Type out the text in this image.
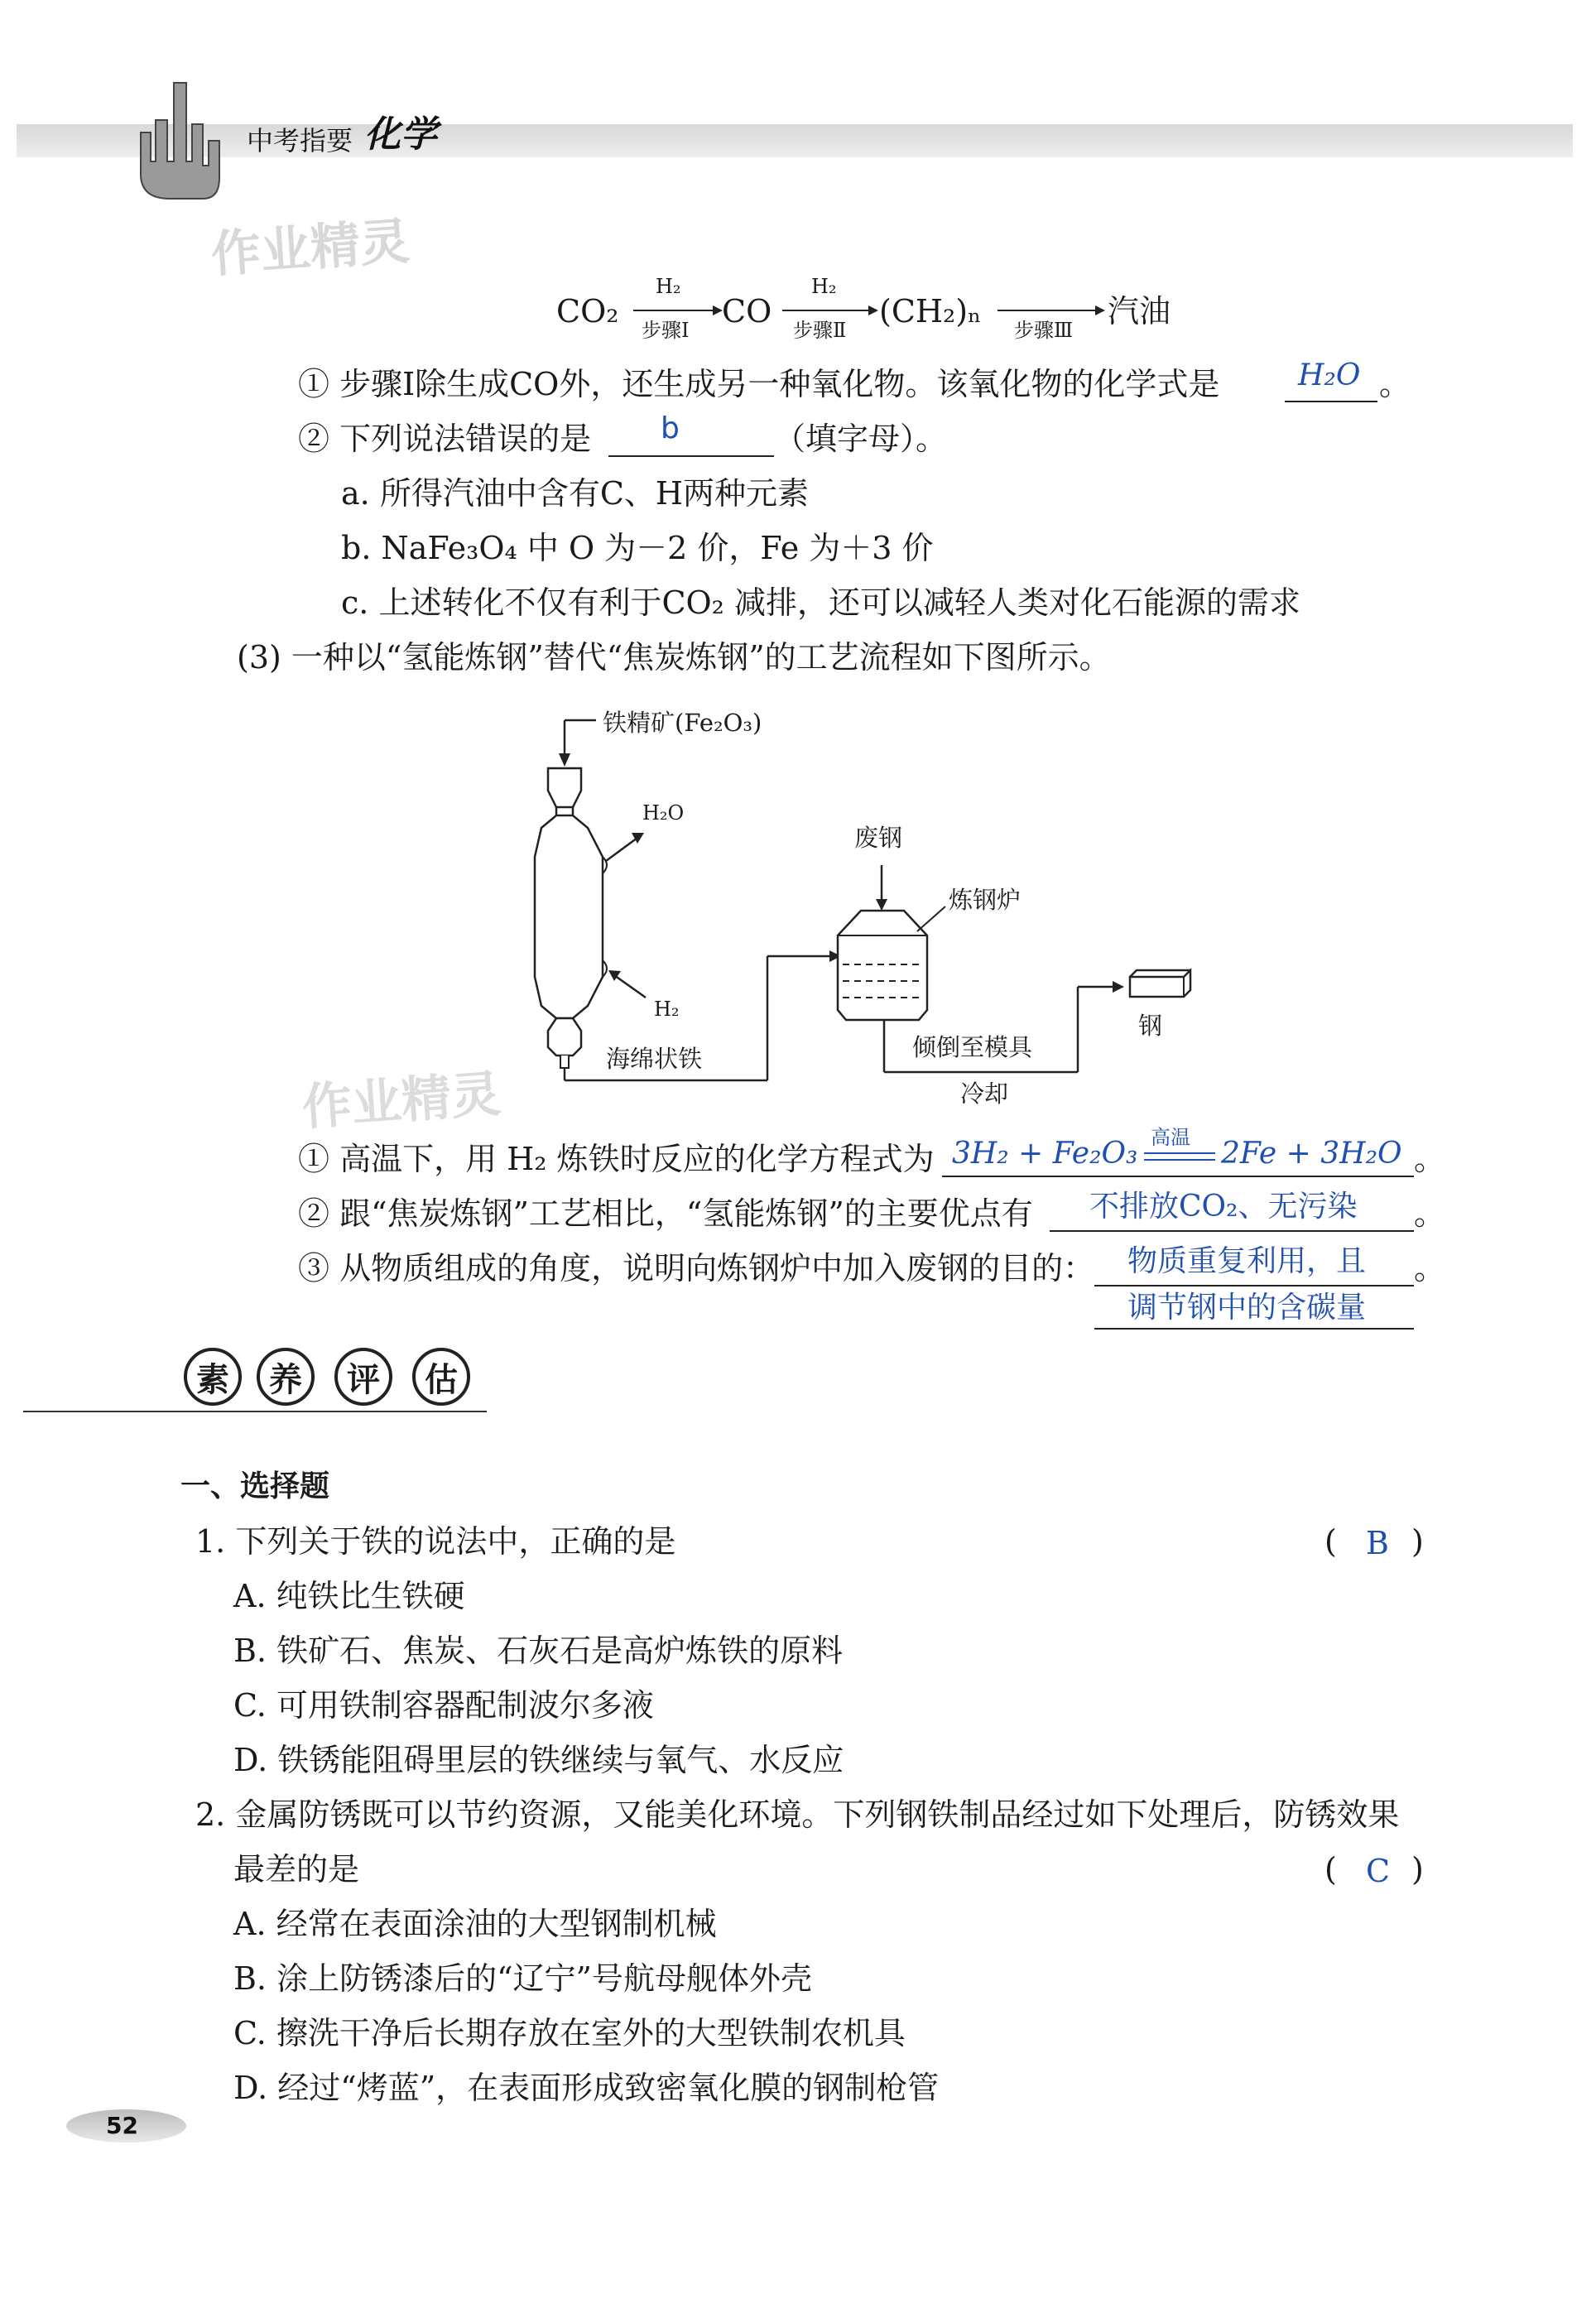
中考指要 化学
作业精灵
CO₂
H₂
步骤Ⅰ
CO
H₂
步骤Ⅱ
(CH₂)ₙ
步骤Ⅲ
汽油
① 步骤Ⅰ除生成CO外，还生成另一种氧化物。该氧化物的化学式是	H₂O 。
② 下列说法错误的是 b	（填字母）。
a. 所得汽油中含有C、H两种元素
b. NaFe₃O₄ 中 O 为－2 价，Fe 为＋3 价
c. 上述转化不仅有利于CO₂ 减排，还可以减轻人类对化石能源的需求
(3) 一种以“氢能炼钢”替代“焦炭炼钢”的工艺流程如下图所示。
铁精矿(Fe₂O₃)
H₂O
H₂
海绵状铁
废钢
炼钢炉
倾倒至模具
冷却
钢
作业精灵
① 高温下，用 H₂ 炼铁时反应的化学方程式为 3H₂ + Fe₂O₃ 高温 2Fe + 3H₂O 。
② 跟“焦炭炼钢”工艺相比，“氢能炼钢”的主要优点有 不排放CO₂、无污染 。
③ 从物质组成的角度，说明向炼钢炉中加入废钢的目的： 物质重复利用，且 。
调节钢中的含碳量
素	养	评	估
一、选择题
1. 下列关于铁的说法中，正确的是	( B )
A. 纯铁比生铁硬
B. 铁矿石、焦炭、石灰石是高炉炼铁的原料
C. 可用铁制容器配制波尔多液
D. 铁锈能阻碍里层的铁继续与氧气、水反应
2. 金属防锈既可以节约资源，又能美化环境。下列钢铁制品经过如下处理后，防锈效果
最差的是	( C )
A. 经常在表面涂油的大型钢制机械
B. 涂上防锈漆后的“辽宁”号航母舰体外壳
C. 擦洗干净后长期存放在室外的大型铁制农机具
D. 经过“烤蓝”，在表面形成致密氧化膜的钢制枪管
52
